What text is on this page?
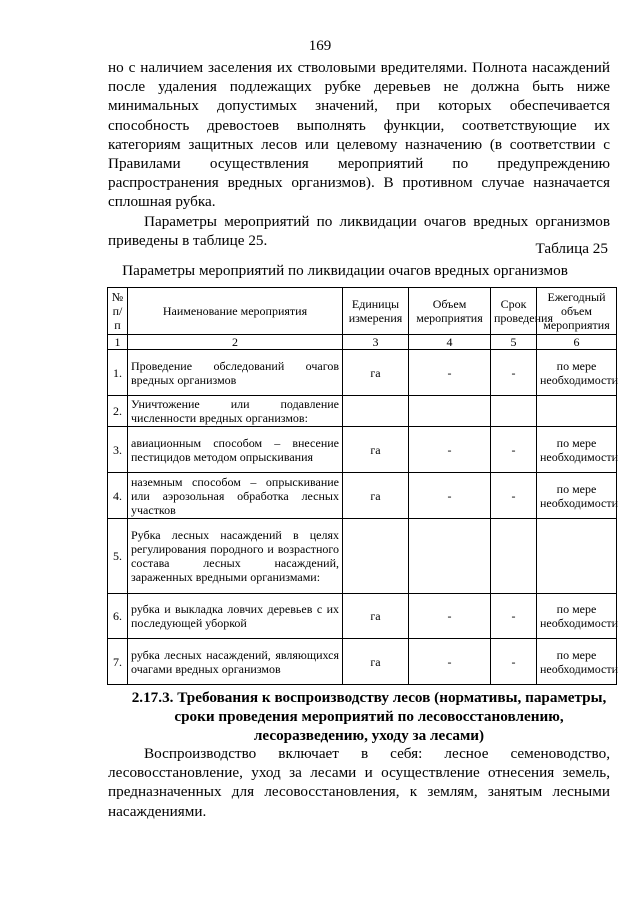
169

но с наличием заселения их стволовыми вредителями. Полнота насаждений после удаления подлежащих рубке деревьев не должна быть ниже минимальных допустимых значений, при которых обеспечивается способность древостоев выполнять функции, соответствующие их категориям защитных лесов или целевому назначению (в соответствии с Правилами осуществления мероприятий по предупреждению распространения вредных организмов). В противном случае назначается сплошная рубка.

Параметры мероприятий по ликвидации очагов вредных организмов приведены в таблице 25.	Таблица 25
Параметры мероприятий по ликвидации очагов вредных организмов
№ п/п	Наименование мероприятия	Единицы измерения	Объем мероприятия	Срок проведения	Ежегодный объем мероприятия
1	2	3	4	5	6
1.	Проведение обследований очагов вредных организмов	га	-	-	по мере необходимости
2.	Уничтожение или подавление численности вредных организмов:				
3.	авиационным способом – внесение пестицидов методом опрыскивания	га	-	-	по мере необходимости
4.	наземным способом – опрыскивание или аэрозольная обработка лесных участков	га	-	-	по мере необходимости
5.	Рубка лесных насаждений в целях регулирования породного и возрастного состава лесных насаждений, зараженных вредными организмами:				
6.	рубка и выкладка ловчих деревьев с их последующей уборкой	га	-	-	по мере необходимости
7.	рубка лесных насаждений, являющихся очагами вредных организмов	га	-	-	по мере необходимости
2.17.3. Требования к воспроизводству лесов (нормативы, параметры, сроки проведения мероприятий по лесовосстановлению, лесоразведению, уходу за лесами)

Воспроизводство включает в себя: лесное семеноводство, лесовосстановление, уход за лесами и осуществление отнесения земель, предназначенных для лесовосстановления, к землям, занятым лесными насаждениями.
